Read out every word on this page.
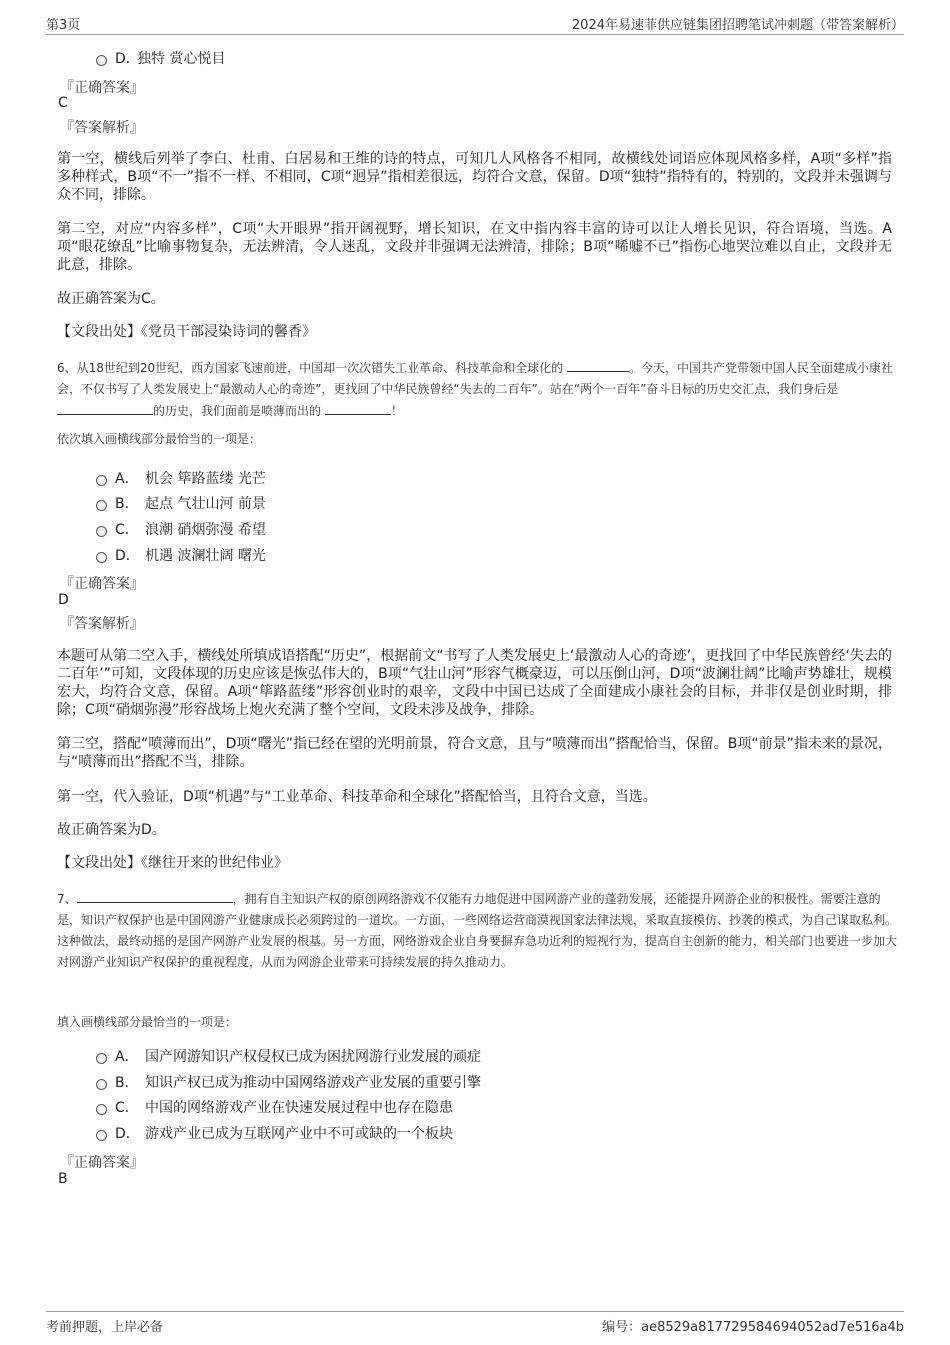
第3页	2024年易速菲供应链集团招聘笔试冲刺题（带答案解析）
D．
独特 赏心悦目
『正确答案』
C
『答案解析』
第一空，横线后列举了李白、杜甫、白居易和王维的诗的特点，可知几人风格各不相同，故横线处词语应体现风格多样，A项“多样”指多种样式，B项“不一”指不一样、不相同，C项“迥异”指相差很远，均符合文意，保留。D项“独特”指特有的，特别的，文段并未强调与众不同，排除。
第二空，对应“内容多样”，C项“大开眼界”指开阔视野，增长知识，在文中指内容丰富的诗可以让人增长见识，符合语境，当选。A项“眼花缭乱”比喻事物复杂，无法辨清，令人迷乱，文段并非强调无法辨清，排除；B项“唏嘘不已”指伤心地哭泣难以自止，文段并无此意，排除。
故正确答案为C。
【文段出处】《党员干部浸染诗词的馨香》
6、从18世纪到20世纪，西方国家飞速前进，中国却一次次错失工业革命、科技革命和全球化的	。今天，中国共产党带领中国人民全面建成小康社会，不仅书写了人类发展史上“最激动人心的奇迹”，更找回了中华民族曾经“失去的二百年”。站在“两个一百年”奋斗目标的历史交汇点，我们身后是 的历史，我们面前是喷薄而出的	！
依次填入画横线部分最恰当的一项是：
A． 机会 筚路蓝缕 光芒
B． 起点 气壮山河 前景
C． 浪潮 硝烟弥漫 希望
D． 机遇 波澜壮阔 曙光
『正确答案』
D
『答案解析』
本题可从第二空入手，横线处所填成语搭配“历史”，根据前文“书写了人类发展史上‘最激动人心的奇迹’，更找回了中华民族曾经‘失去的二百年’”可知，文段体现的历史应该是恢弘伟大的，B项“气壮山河”形容气概豪迈，可以压倒山河，D项“波澜壮阔”比喻声势雄壮，规模宏大，均符合文意，保留。A项“筚路蓝缕”形容创业时的艰辛，文段中中国已达成了全面建成小康社会的目标，并非仅是创业时期，排除；C项“硝烟弥漫”形容战场上炮火充满了整个空间，文段未涉及战争，排除。
第三空，搭配“喷薄而出”，D项“曙光”指已经在望的光明前景，符合文意，且与“喷薄而出”搭配恰当，保留。B项“前景”指未来的景况，与“喷薄而出”搭配不当，排除。
第一空，代入验证，D项“机遇”与“工业革命、科技革命和全球化”搭配恰当，且符合文意，当选。
故正确答案为D。
【文段出处】《继往开来的世纪伟业》
7、	，拥有自主知识产权的原创网络游戏不仅能有力地促进中国网游产业的蓬勃发展，还能提升网游企业的积极性。需要注意的是，知识产权保护也是中国网游产业健康成长必须跨过的一道坎。一方面，一些网络运营商漠视国家法律法规，采取直接模仿、抄袭的模式，为自己谋取私利。这种做法，最终动摇的是国产网游产业发展的根基。另一方面，网络游戏企业自身要摒弃急功近利的短视行为，提高自主创新的能力，相关部门也要进一步加大对网游产业知识产权保护的重视程度，从而为网游企业带来可持续发展的持久推动力。
填入画横线部分最恰当的一项是：
A． 国产网游知识产权侵权已成为困扰网游行业发展的顽症
B． 知识产权已成为推动中国网络游戏产业发展的重要引擎
C． 中国的网络游戏产业在快速发展过程中也存在隐患
D． 游戏产业已成为互联网产业中不可或缺的一个板块
『正确答案』
B
考前押题，上岸必备	编号：ae8529a817729584694052ad7e516a4b
